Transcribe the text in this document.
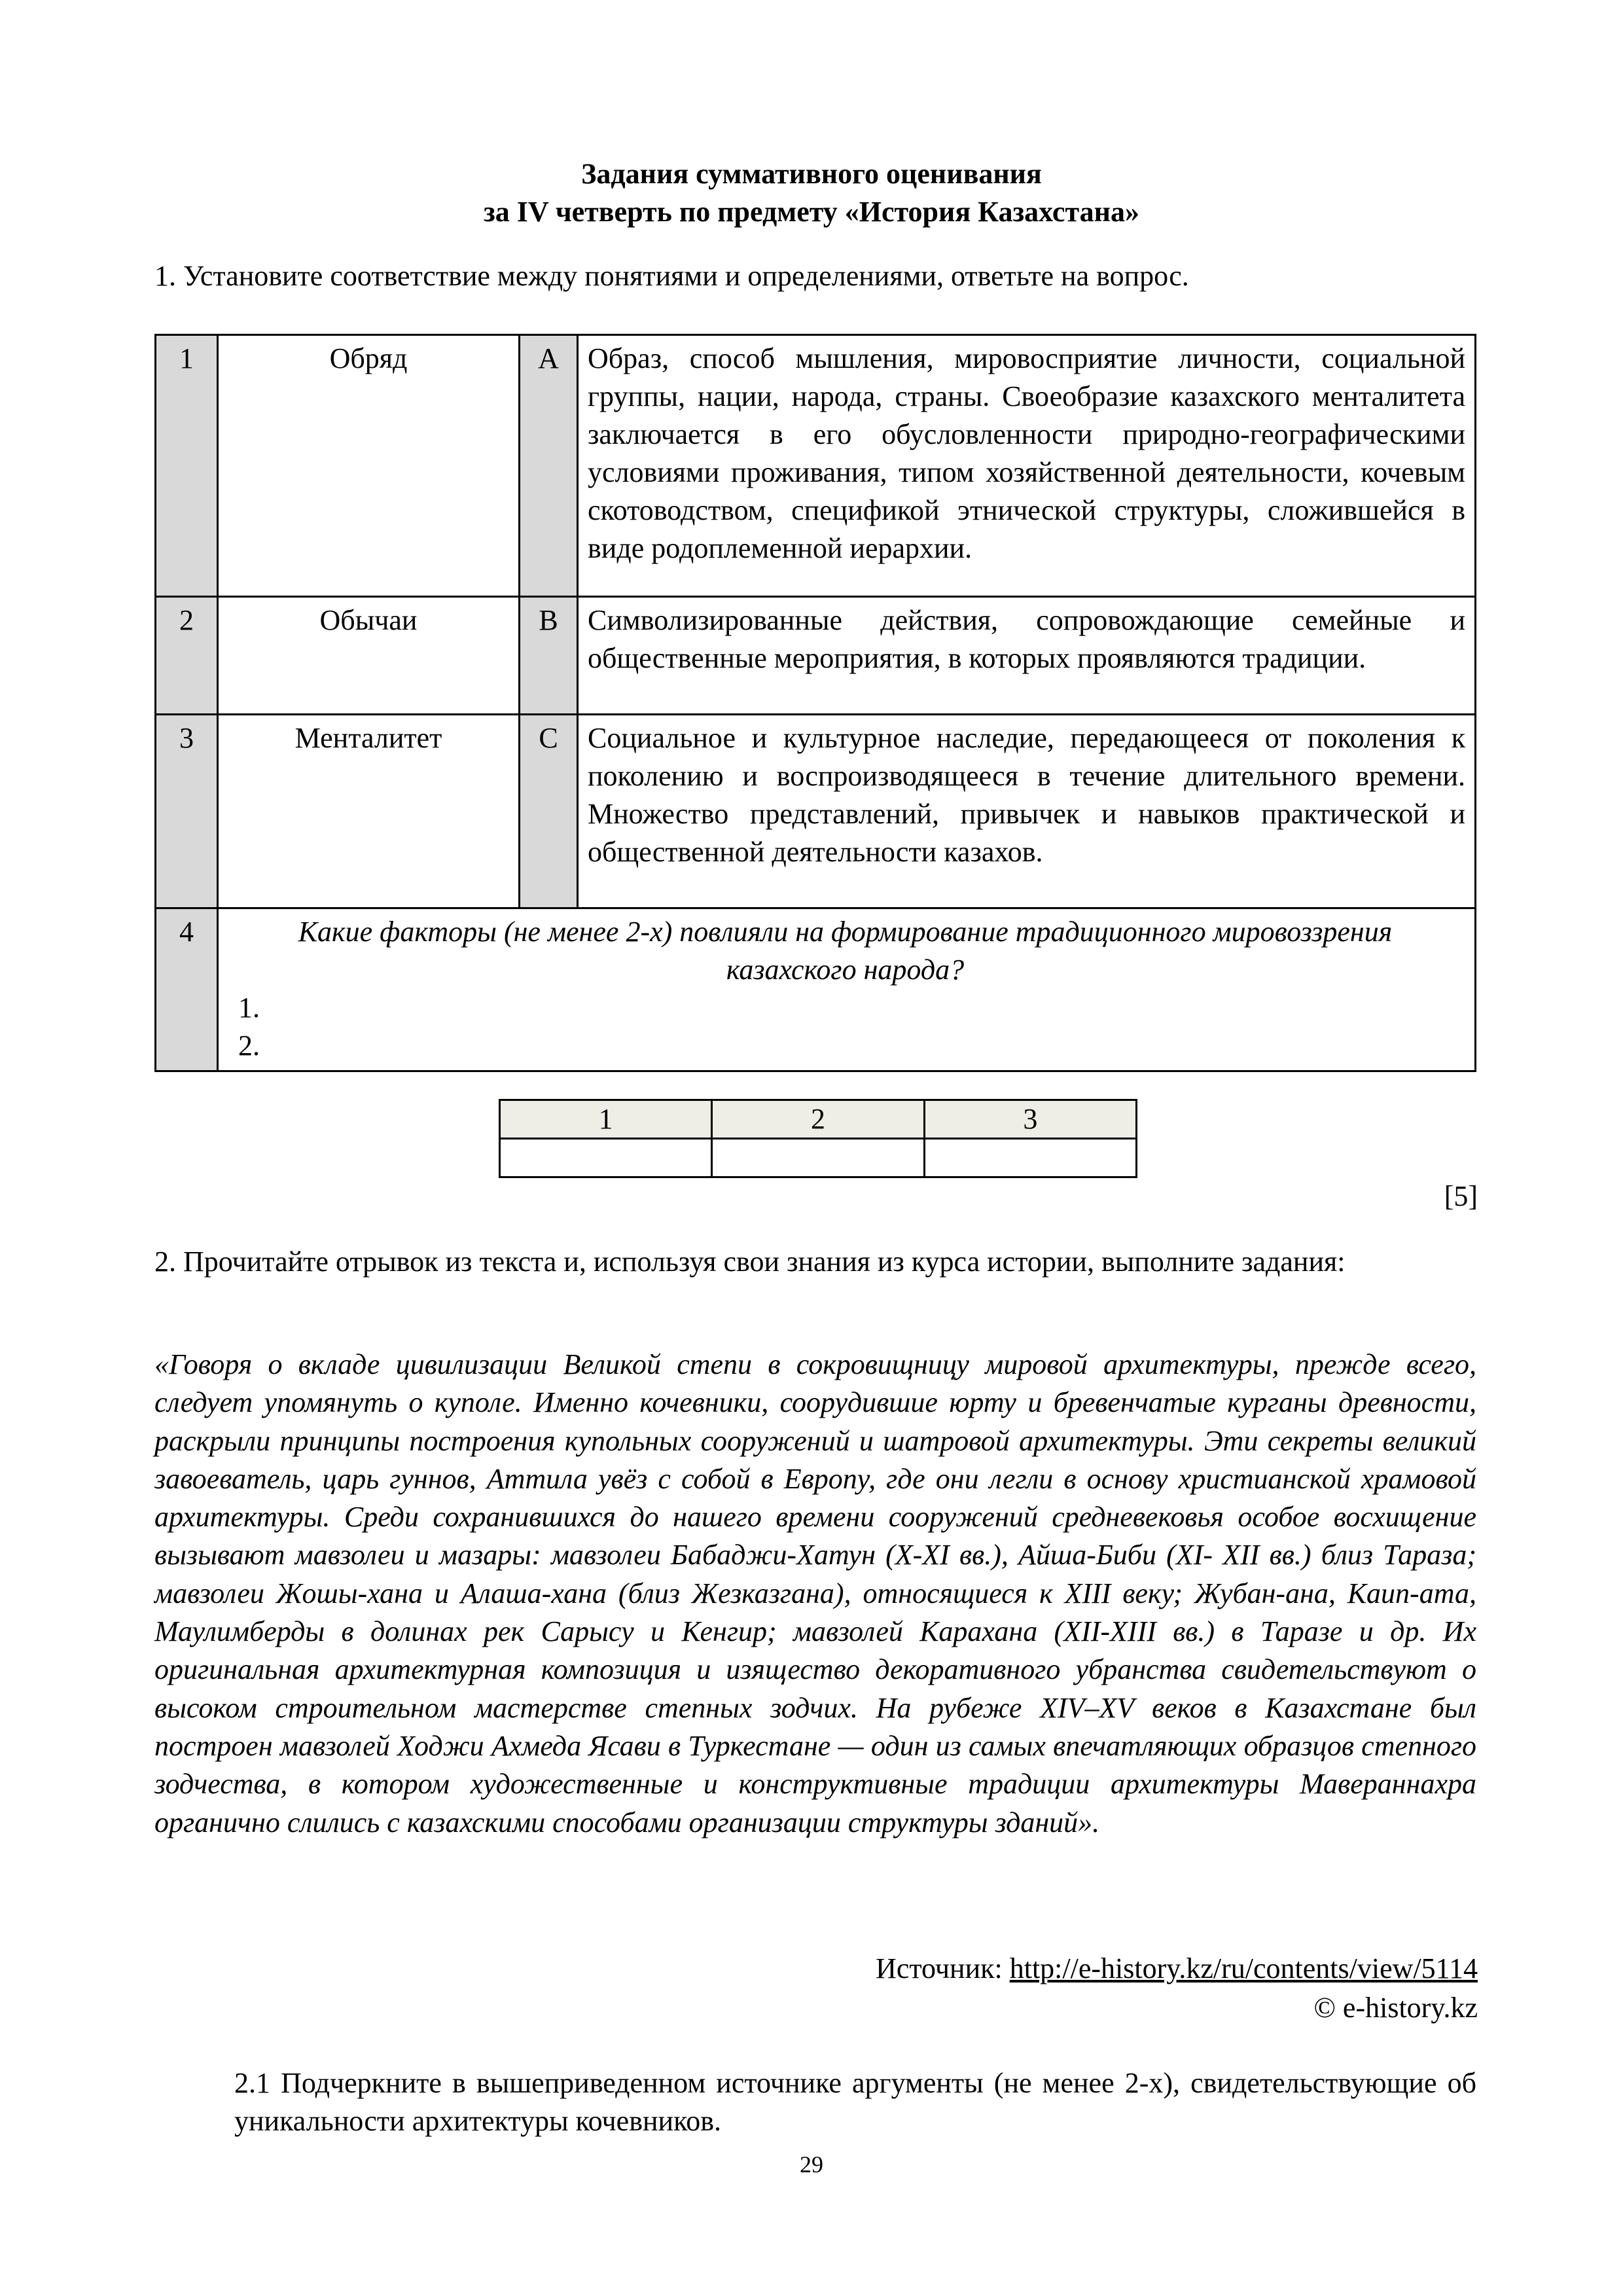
Задания суммативного оценивания
за IV четверть по предмету «История Казахстана»
1. Установите соответствие между понятиями и определениями, ответьте на вопрос.
1	Обряд	A	Образ, способ мышления, мировосприятие личности, социальной группы, нации, народа, страны. Своеобразие казахского менталитета заключается в его обусловленности природно-географическими условиями проживания, типом хозяйственной деятельности, кочевым скотоводством, спецификой этнической структуры, сложившейся в виде родоплеменной иерархии.
2	Обычаи	B	Символизированные действия, сопровождающие семейные и общественные мероприятия, в которых проявляются традиции.
3	Менталитет	C	Социальное и культурное наследие, передающееся от поколения к поколению и воспроизводящееся в течение длительного времени. Множество представлений, привычек и навыков практической и общественной деятельности казахов.
4	Какие факторы (не менее 2-х) повлияли на формирование традиционного мировоззрения казахского народа?
1.
2.		
1	2	3

[5]
2. Прочитайте отрывок из текста и, используя свои знания из курса истории, выполните задания:
«Говоря о вкладе цивилизации Великой степи в сокровищницу мировой архитектуры, прежде всего, следует упомянуть о куполе. Именно кочевники, соорудившие юрту и бревенчатые курганы древности, раскрыли принципы построения купольных сооружений и шатровой архитектуры. Эти секреты великий завоеватель, царь гуннов, Аттила увёз с собой в Европу, где они легли в основу христианской храмовой архитектуры. Среди сохранившихся до нашего времени сооружений средневековья особое восхищение вызывают мавзолеи и мазары: мавзолеи Бабаджи-Хатун (X-XI вв.), Айша-Биби (XI- XII вв.) близ Тараза; мавзолеи Жошы-хана и Алаша-хана (близ Жезказгана), относящиеся к XIII веку; Жубан-ана, Каип-ата, Маулимберды в долинах рек Сарысу и Кенгир; мавзолей Карахана (XII-XIII вв.) в Таразе и др. Их оригинальная архитектурная композиция и изящество декоративного убранства свидетельствуют о высоком строительном мастерстве степных зодчих. На рубеже XIV–XV веков в Казахстане был построен мавзолей Ходжи Ахмеда Ясави в Туркестане — один из самых впечатляющих образцов степного зодчества, в котором художественные и конструктивные традиции архитектуры Мавераннахра органично слились с казахскими способами организации структуры зданий».
Источник: http://e-history.kz/ru/contents/view/5114
© e-history.kz
2.1 Подчеркните в вышеприведенном источнике аргументы (не менее 2-х), свидетельствующие об уникальности архитектуры кочевников.
29
